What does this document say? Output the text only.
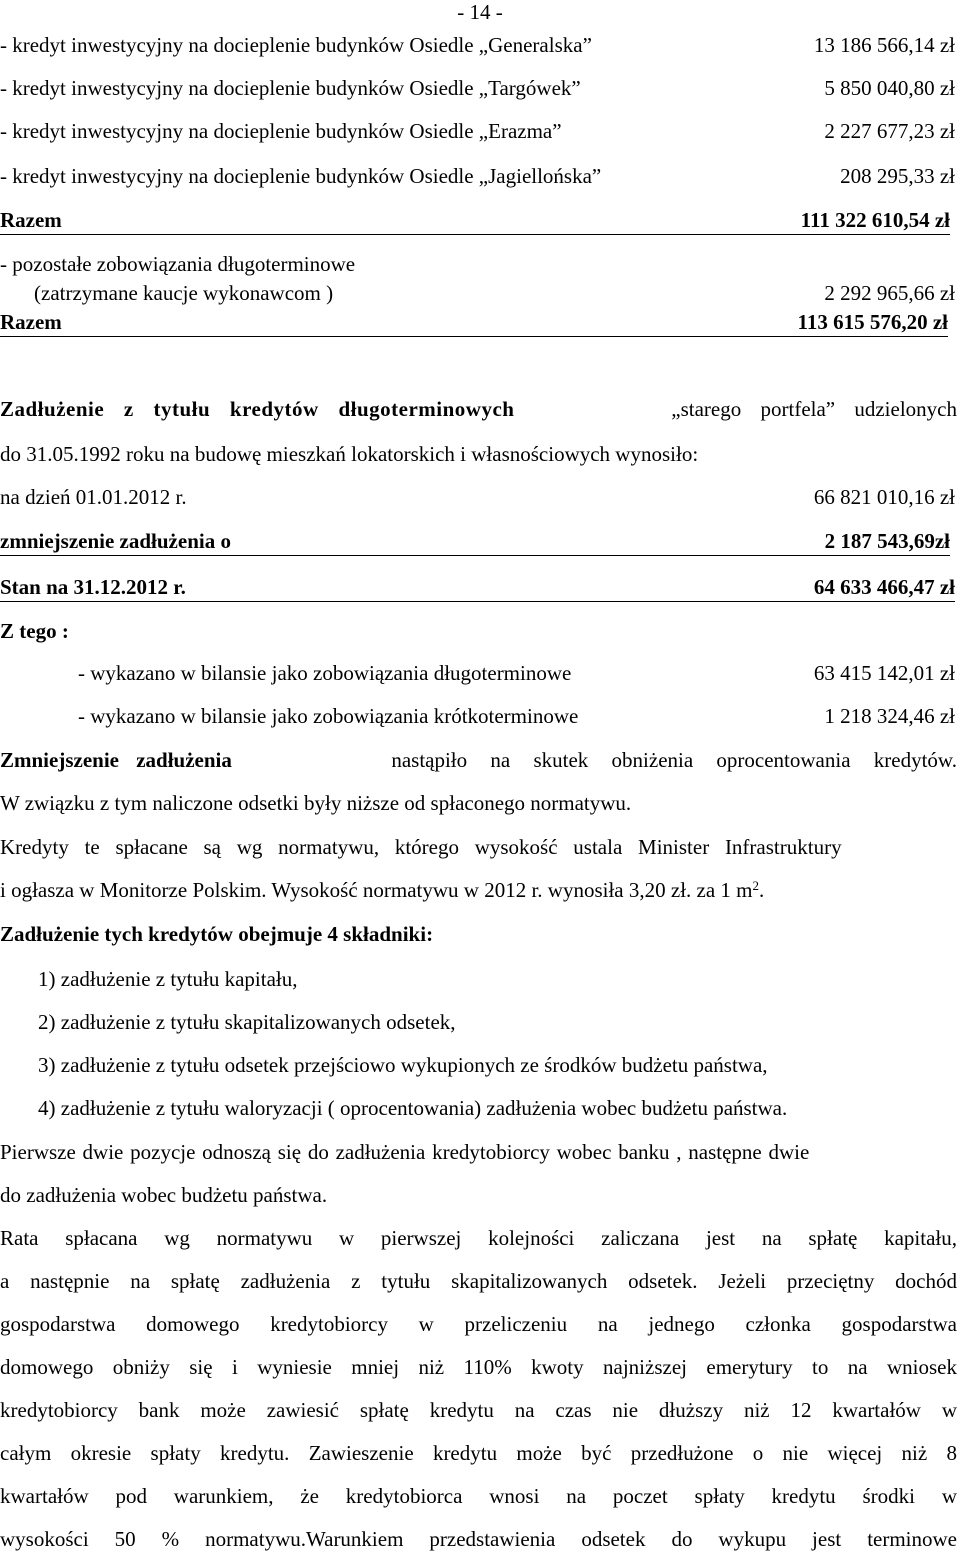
- 14 -
- kredyt inwestycyjny na docieplenie budynków Osiedle „Generalska”	13 186 566,14 zł
- kredyt inwestycyjny na docieplenie budynków Osiedle „Targówek”	5 850 040,80 zł
- kredyt inwestycyjny na docieplenie budynków Osiedle „Erazma”	2 227 677,23 zł
- kredyt inwestycyjny na docieplenie budynków Osiedle „Jagiellońska”	208 295,33 zł
Razem	111 322 610,54 zł
- pozostałe zobowiązania długoterminowe
(zatrzymane kaucje wykonawcom )	2 292 965,66 zł
Razem	113 615 576,20 zł
Zadłużenie z tytułu kredytów długoterminowych	„starego portfela” udzielonych
do 31.05.1992 roku na budowę mieszkań lokatorskich i własnościowych wynosiło:
na dzień 01.01.2012 r.	66 821 010,16 zł
zmniejszenie zadłużenia o	2 187 543,69zł
Stan na 31.12.2012 r.	64 633 466,47 zł
Z tego :
- wykazano w bilansie jako zobowiązania długoterminowe	63 415 142,01 zł
- wykazano w bilansie jako zobowiązania krótkoterminowe	1 218 324,46 zł
Zmniejszenie zadłużenia	nastąpiło na skutek obniżenia oprocentowania kredytów.
W związku z tym naliczone odsetki były niższe od spłaconego normatywu.
Kredyty te spłacane są wg normatywu, którego wysokość ustala Minister Infrastruktury
i ogłasza w Monitorze Polskim. Wysokość normatywu w 2012 r. wynosiła 3,20 zł. za 1 $m^2$.
Zadłużenie tych kredytów obejmuje 4 składniki:
1) zadłużenie z tytułu kapitału,
2) zadłużenie z tytułu skapitalizowanych odsetek,
3) zadłużenie z tytułu odsetek przejściowo wykupionych ze środków budżetu państwa,
4) zadłużenie z tytułu waloryzacji ( oprocentowania) zadłużenia wobec budżetu państwa.
Pierwsze dwie pozycje odnoszą się do zadłużenia kredytobiorcy wobec banku , następne dwie
do zadłużenia wobec budżetu państwa.
Rata spłacana wg normatywu w pierwszej kolejności zaliczana jest na spłatę kapitału,
a następnie na spłatę zadłużenia z tytułu skapitalizowanych odsetek. Jeżeli przeciętny dochód
gospodarstwa domowego kredytobiorcy w przeliczeniu na jednego członka gospodarstwa
domowego obniży się i wyniesie mniej niż 110% kwoty najniższej emerytury to na wniosek
kredytobiorcy bank może zawiesić spłatę kredytu na czas nie dłuższy niż 12 kwartałów w
całym okresie spłaty kredytu. Zawieszenie kredytu może być przedłużone o nie więcej niż 8
kwartałów pod warunkiem, że kredytobiorca wnosi na poczet spłaty kredytu środki w
wysokości 50 % normatywu.Warunkiem przedstawienia odsetek do wykupu jest terminowe
